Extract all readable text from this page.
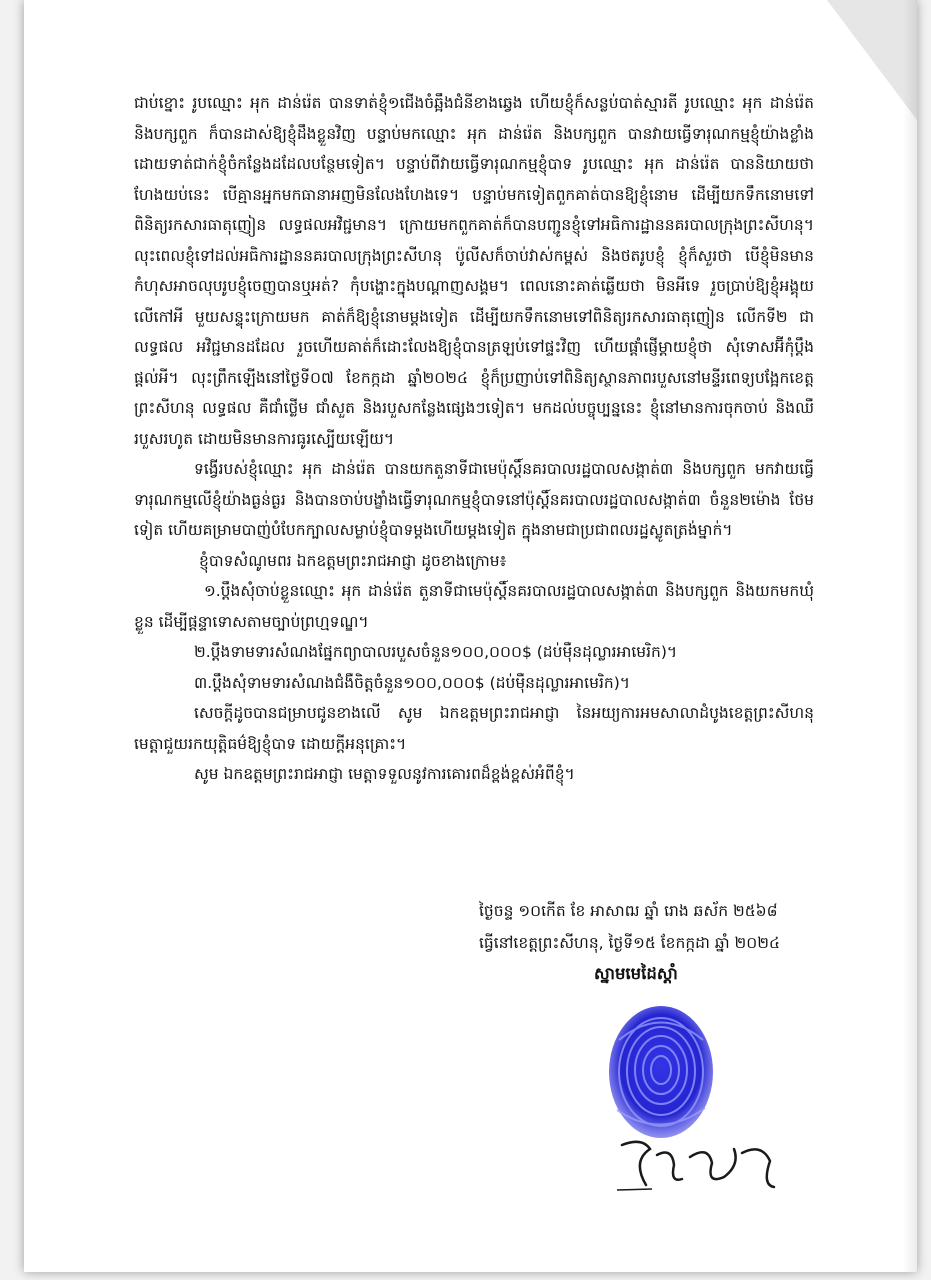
ជាប់ខ្នោះ រូបឈ្មោះ អុក ដាន់រ៉េត បានទាត់ខ្ញុំ១ជើងចំឆ្អឹងជំនីខាងឆ្វេង ហើយខ្ញុំក៏សន្លប់បាត់ស្មារតី រូបឈ្មោះ អុក ដាន់រ៉េត និងបក្សពួក ក៏បានដាស់ឱ្យខ្ញុំដឹងខ្លួនវិញ បន្ទាប់មកឈ្មោះ អុក ដាន់រ៉េត និងបក្សពួក បានវាយធ្វើទារុណកម្មខ្ញុំយ៉ាងខ្លាំង ដោយទាត់ជាក់ខ្ញុំចំកន្លែងដដែលបន្ថែមទៀត។ បន្ទាប់ពីវាយធ្វើទារុណកម្មខ្ញុំបាទ រូបឈ្មោះ អុក ដាន់រ៉េត បាននិយាយថា ហែងយប់នេះ បើគ្មានអ្នកមកធានាអញមិនលែងហែងទេ។ បន្ទាប់មកទៀតពួកគាត់បានឱ្យខ្ញុំនោម ដើម្បីយកទឹកនោមទៅពិនិត្យរកសារធាតុញៀន លទ្ធផលអវិជ្ជមាន។ ក្រោយមកពួកគាត់ក៏បានបញ្ជូនខ្ញុំទៅអធិការដ្ឋាននគរបាលក្រុងព្រះសីហនុ។ លុះពេលខ្ញុំទៅដល់អធិការដ្ឋាននគរបាលក្រុងព្រះសីហនុ ប៉ូលីសក៏ចាប់វាស់កម្ពស់ និងថតរូបខ្ញុំ ខ្ញុំក៏សួរថា បើខ្ញុំមិនមានកំហុសអាចលុបរូបខ្ញុំចេញបានឬអត់? កុំបង្ហោះក្នុងបណ្តាញសង្គម។ ពេលនោះគាត់ឆ្លើយថា មិនអីទេ រួចប្រាប់ឱ្យខ្ញុំអង្គុយលើកៅអី មួយសន្ទុះក្រោយមក គាត់ក៏ឱ្យខ្ញុំនោមម្តងទៀត ដើម្បីយកទឹកនោមទៅពិនិត្យរកសារធាតុញៀន លើកទី២ ជាលទ្ធផល អវិជ្ជមានដដែល រួចហើយគាត់ក៏ដោះលែងឱ្យខ្ញុំបានត្រឡប់ទៅផ្ទះវិញ ហើយផ្តាំផ្ញើម្តាយខ្ញុំថា សុំទោសអ៊ីកុំប្តឹងផ្តល់អី។ លុះព្រឹកឡើងនៅថ្ងៃទី០៧ ខែកក្កដា ឆ្នាំ២០២៤ ខ្ញុំក៏ប្រញាប់ទៅពិនិត្យស្ថានភាពរបួសនៅមន្ទីរពេទ្យបង្អែកខេត្តព្រះសីហនុ លទ្ធផល គឺជាំថ្លើម ជាំសួត និងរបួសកន្លែងផ្សេងៗទៀត។ មកដល់បច្ចុប្បន្ននេះ ខ្ញុំនៅមានការចុកចាប់ និងឈឺរបួសរហូត ដោយមិនមានការធូរស្បើយឡើយ។

ទង្វើរបស់ខ្ញុំឈ្មោះ អុក ដាន់រ៉េត បានយកតួនាទីជាមេប៉ុស្តិ៍នគរបាលរដ្ឋបាលសង្កាត់៣ និងបក្សពួក មកវាយធ្វើទារុណកម្មលើខ្ញុំយ៉ាងធ្ងន់ធ្ងរ និងបានចាប់បង្ខាំងធ្វើទារុណកម្មខ្ញុំបាទនៅប៉ុស្តិ៍នគរបាលរដ្ឋបាលសង្កាត់៣ ចំនួន២ម៉ោង ថែមទៀត ហើយគម្រាមបាញ់បំបែកក្បាលសម្លាប់ខ្ញុំបាទម្តងហើយម្តងទៀត ក្នុងនាមជាប្រជាពលរដ្ឋស្លូតត្រង់ម្នាក់។

ខ្ញុំបាទសំណូមពរ ឯកឧត្តមព្រះរាជអាជ្ញា ដូចខាងក្រោម៖

១.ប្តឹងសុំចាប់ខ្លួនឈ្មោះ អុក ដាន់រ៉េត តួនាទីជាមេប៉ុស្តិ៍នគរបាលរដ្ឋបាលសង្កាត់៣ និងបក្សពួក និងយកមកឃុំខ្លួន ដើម្បីផ្តន្ទាទោសតាមច្បាប់ព្រហ្មទណ្ឌ។

២.ប្តឹងទាមទារសំណងផ្នែកព្យាបាលរបួសចំនួន១០០,០០០$ (ដប់ម៉ឺនដុល្លារអាមេរិក)។

៣.ប្តឹងសុំទាមទារសំណងជំងឺចិត្តចំនួន១០០,០០០$ (ដប់ម៉ឺនដុល្លារអាមេរិក)។

សេចក្តីដូចបានជម្រាបជូនខាងលើ សូម ឯកឧត្តមព្រះរាជអាជ្ញា នៃអយ្យការអមសាលាដំបូងខេត្តព្រះសីហនុ មេត្តាជួយរកយុត្តិធម៌ឱ្យខ្ញុំបាទ ដោយក្តីអនុគ្រោះ។

សូម ឯកឧត្តមព្រះរាជអាជ្ញា មេត្តាទទួលនូវការគោរពដ៏ខ្ពង់ខ្ពស់អំពីខ្ញុំ។

ថ្ងៃចន្ទ ១០កើត ខែ អាសាឍ ឆ្នាំ រោង ឆស័ក ២៥៦៨
ធ្វើនៅខេត្តព្រះសីហនុ, ថ្ងៃទី១៥ ខែកក្កដា ឆ្នាំ ២០២៤
ស្នាមមេដៃស្តាំ
